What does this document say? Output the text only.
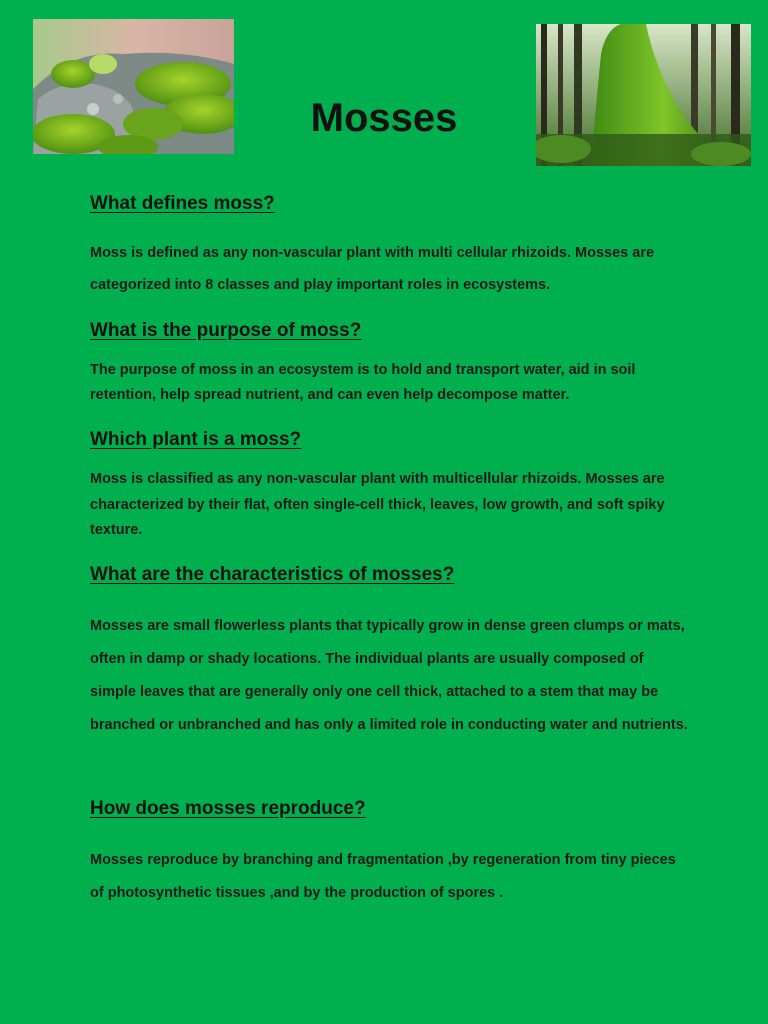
Mosses
What defines moss?

Moss is defined as any non-vascular plant with multi cellular rhizoids. Mosses are categorized into 8 classes and play important roles in ecosystems.

What is the purpose of moss?

The purpose of moss in an ecosystem is to hold and transport water, aid in soil retention, help spread nutrient, and can even help decompose matter.

Which plant is a moss?

Moss is classified as any non-vascular plant with multicellular rhizoids. Mosses are characterized by their flat, often single-cell thick, leaves, low growth, and soft spiky texture.

What are the characteristics of mosses?

Mosses are small flowerless plants that typically grow in dense green clumps or mats, often in damp or shady locations. The individual plants are usually composed of simple leaves that are generally only one cell thick, attached to a stem that may be branched or unbranched and has only a limited role in conducting water and nutrients.

How does mosses reproduce?

Mosses reproduce by branching and fragmentation ,by regeneration from tiny pieces of photosynthetic tissues ,and by the production of spores .
